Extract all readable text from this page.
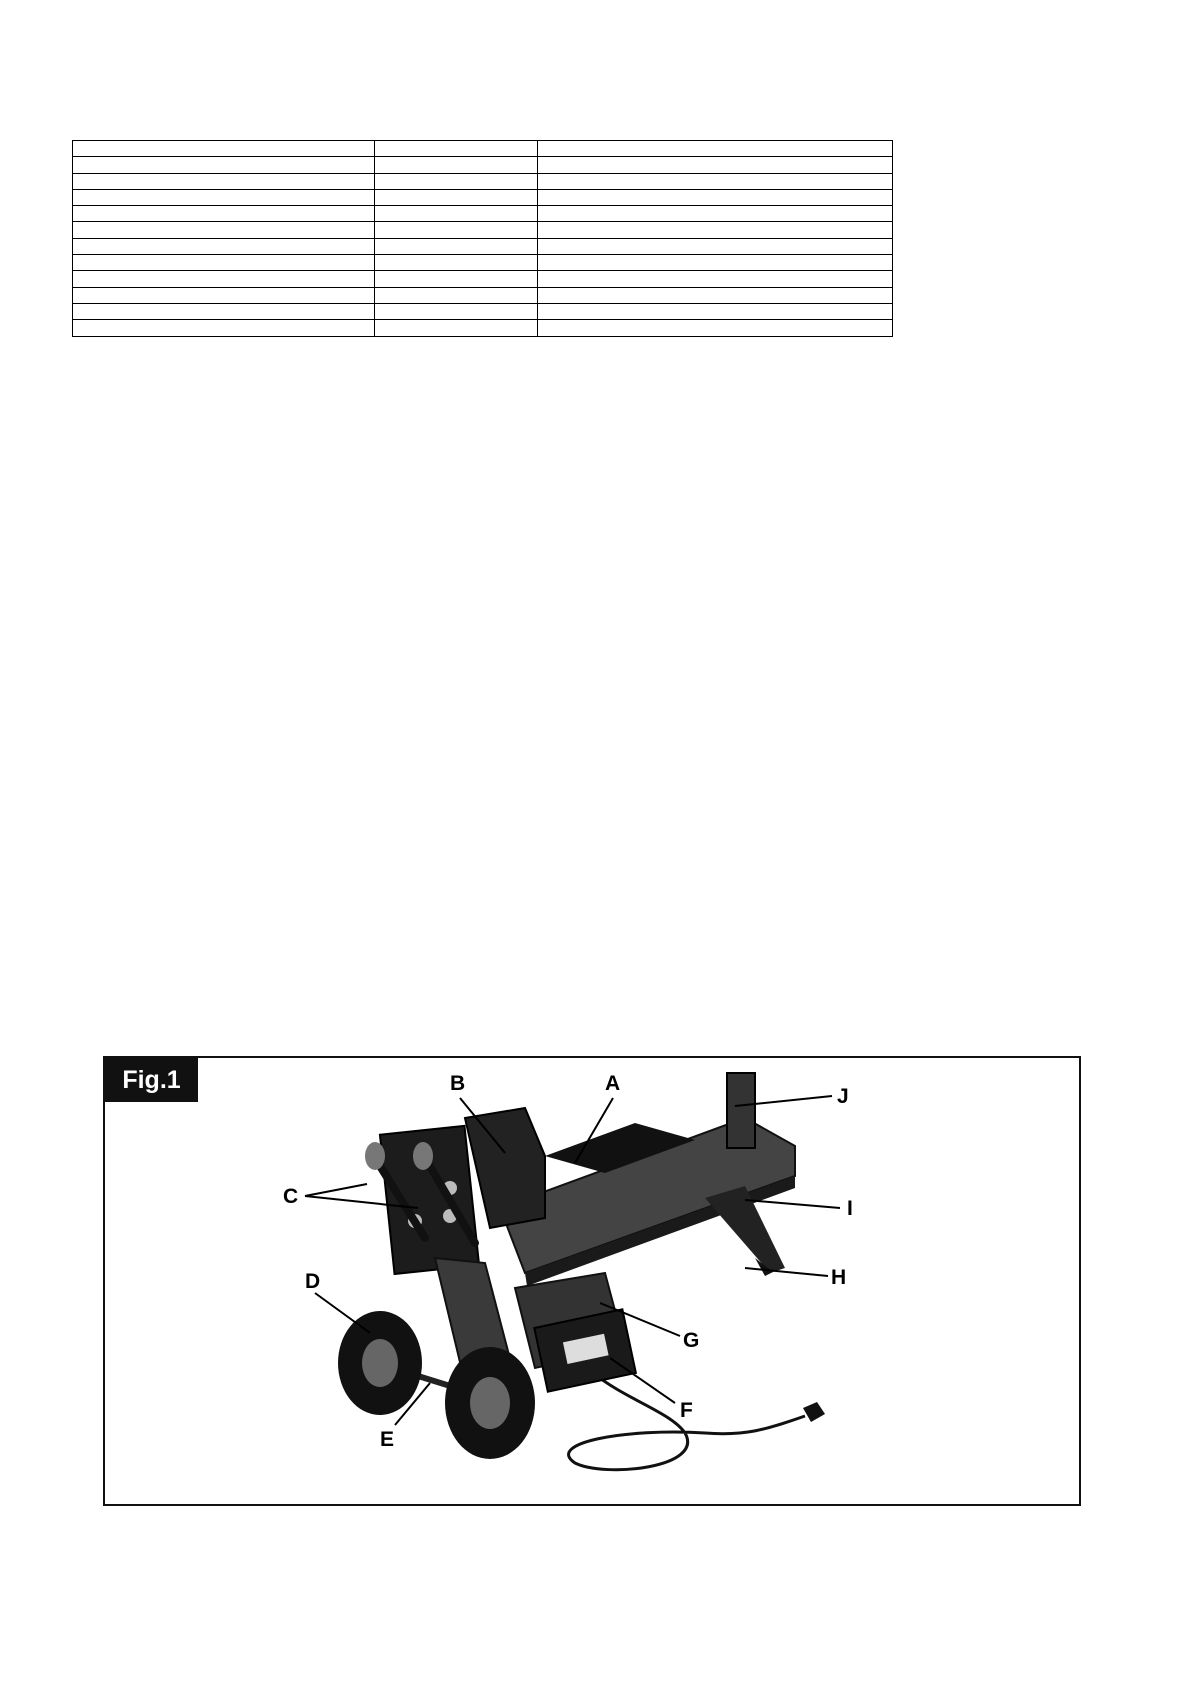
B	A
J
C
I
H
D
G
F
E
Fig.1
